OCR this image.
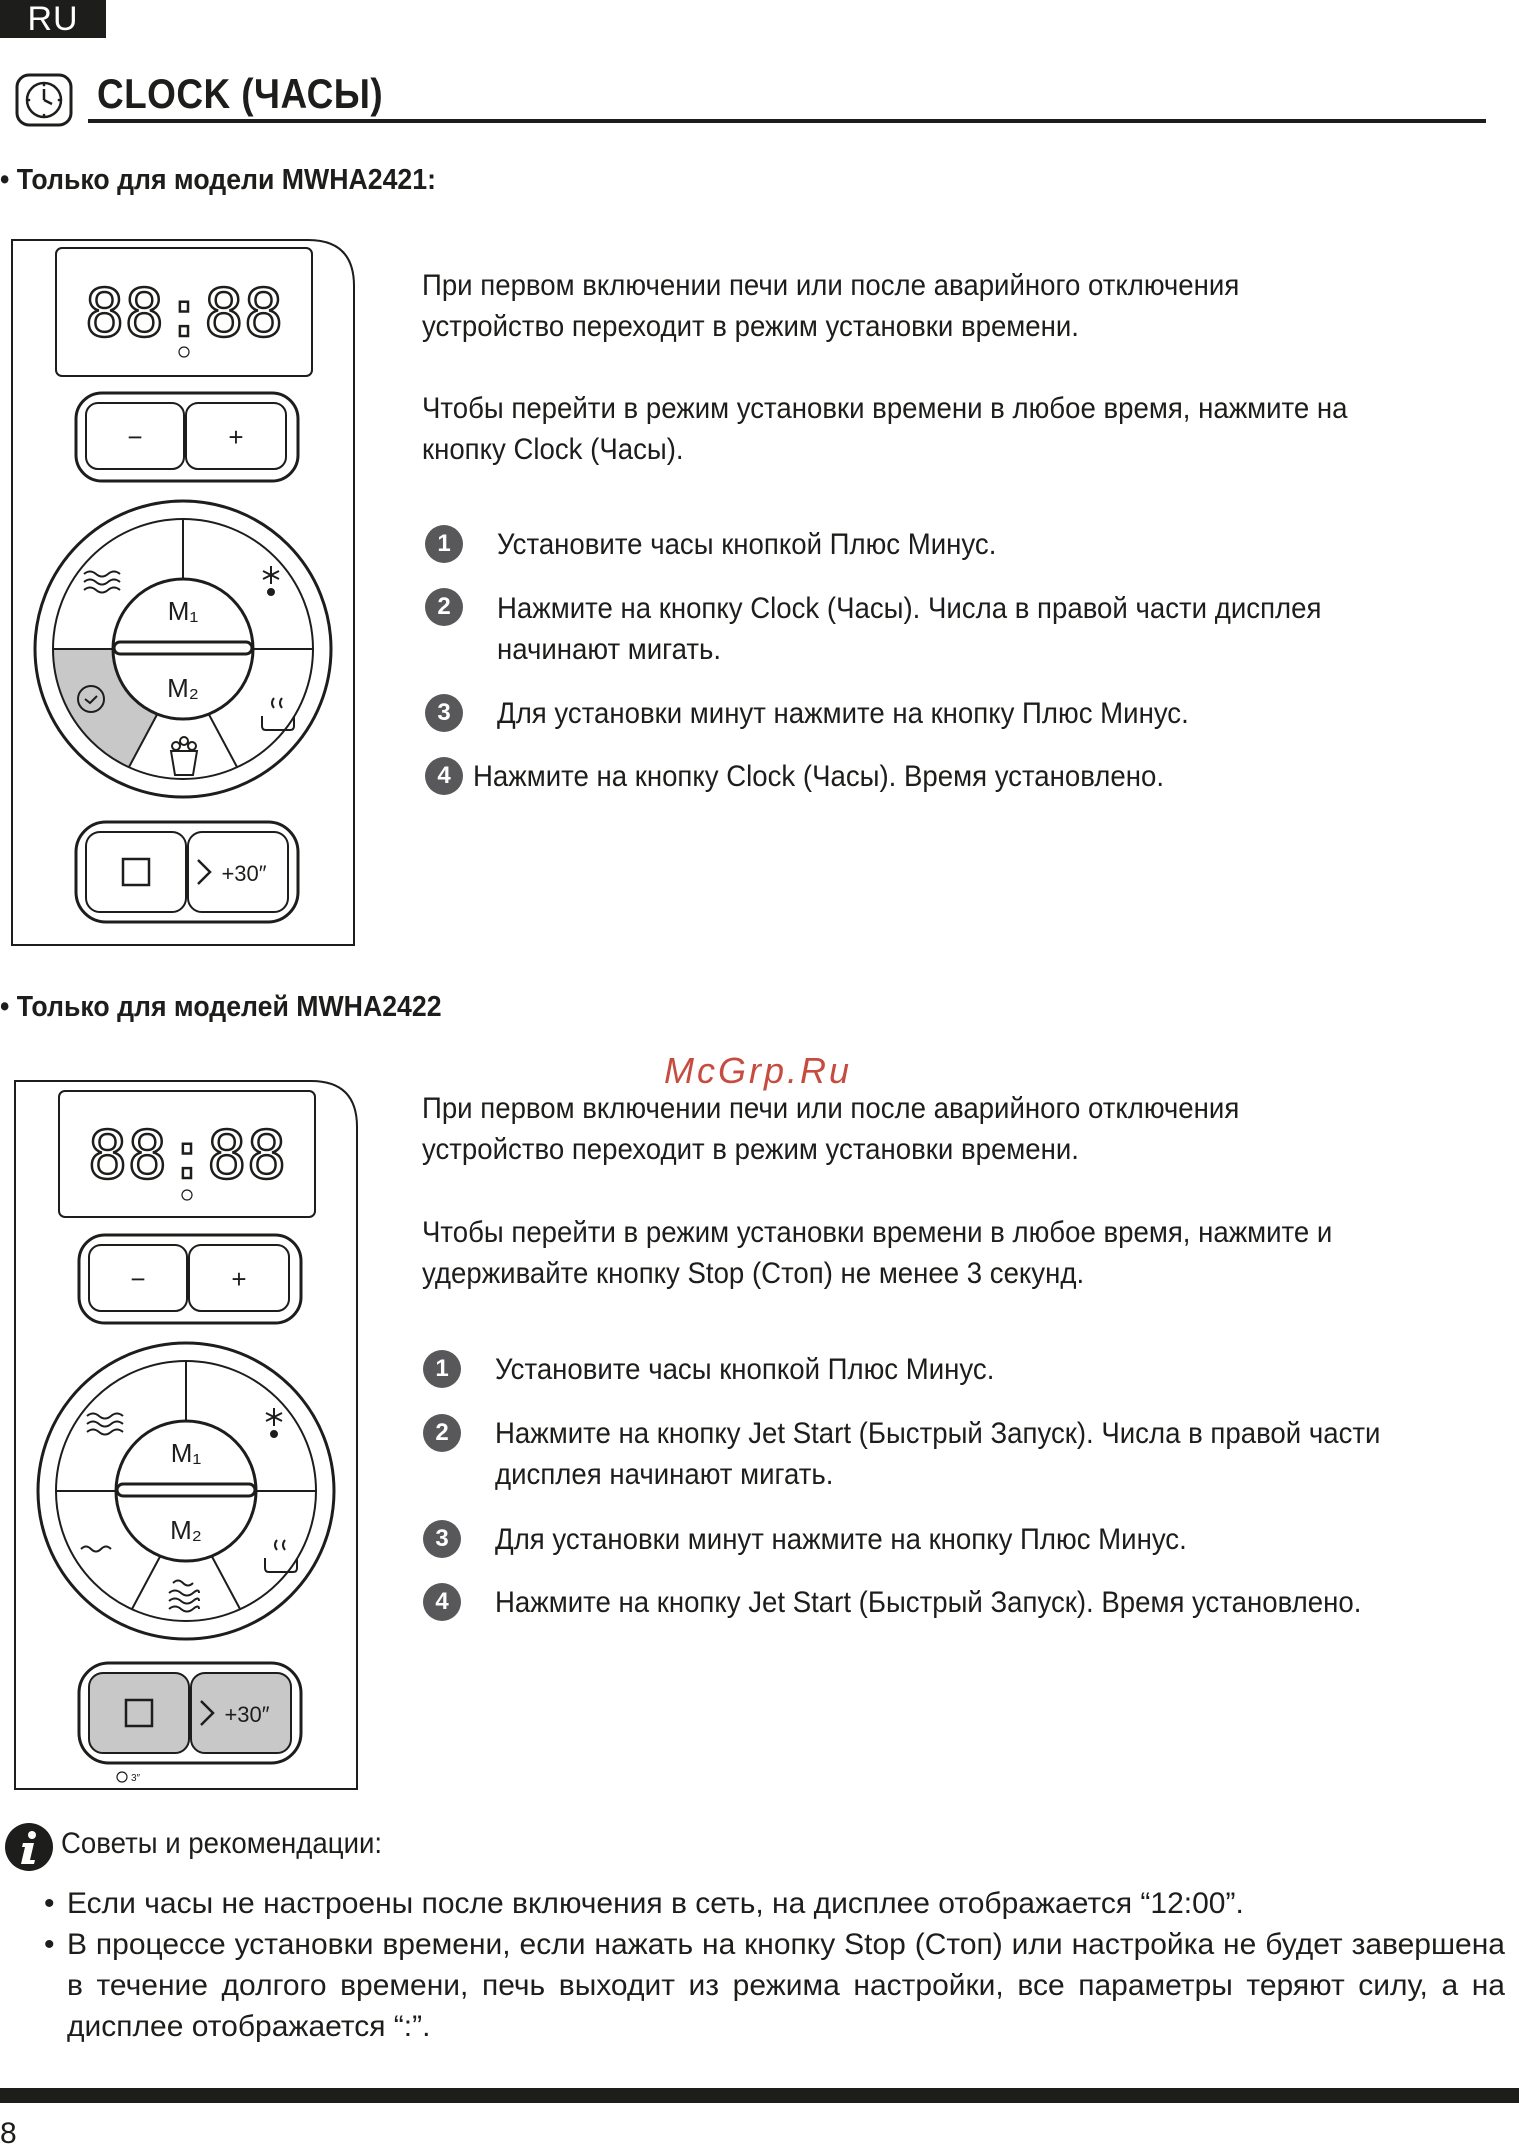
RU
CLOCK (ЧАСЫ)
• Только для модели MWHA2421:
88:88
−	+
M₁
M₂
+30″
При первом включении печи или после аварийного отключения устройство переходит в режим установки времени.
Чтобы перейти в режим установки времени в любое время, нажмите на кнопку Clock (Часы).
1	Установите часы кнопкой Плюс Минус.
2	Нажмите на кнопку Clock (Часы). Числа в правой части дисплея начинают мигать.
3	Для установки минут нажмите на кнопку Плюс Минус.
4 Нажмите на кнопку Clock (Часы). Время установлено.
• Только для моделей MWHA2422
McGrp.Ru
88:88
−	+
M₁
M₂
+30″
3″
При первом включении печи или после аварийного отключения устройство переходит в режим установки времени.
Чтобы перейти в режим установки времени в любое время, нажмите и удерживайте кнопку Stop (Стоп) не менее 3 секунд.
1	Установите часы кнопкой Плюс Минус.
2	Нажмите на кнопку Jet Start (Быстрый Запуск). Числа в правой части дисплея начинают мигать.
3	Для установки минут нажмите на кнопку Плюс Минус.
4	Нажмите на кнопку Jet Start (Быстрый Запуск). Время установлено.
Советы и рекомендации:
• Если часы не настроены после включения в сеть, на дисплее отображается “12:00”.
• В процессе установки времени, если нажать на кнопку Stop (Стоп) или настройка не будет завершена в течение долгого времени, печь выходит из режима настройки, все параметры теряют силу, а на дисплее отображается “:”.
8
